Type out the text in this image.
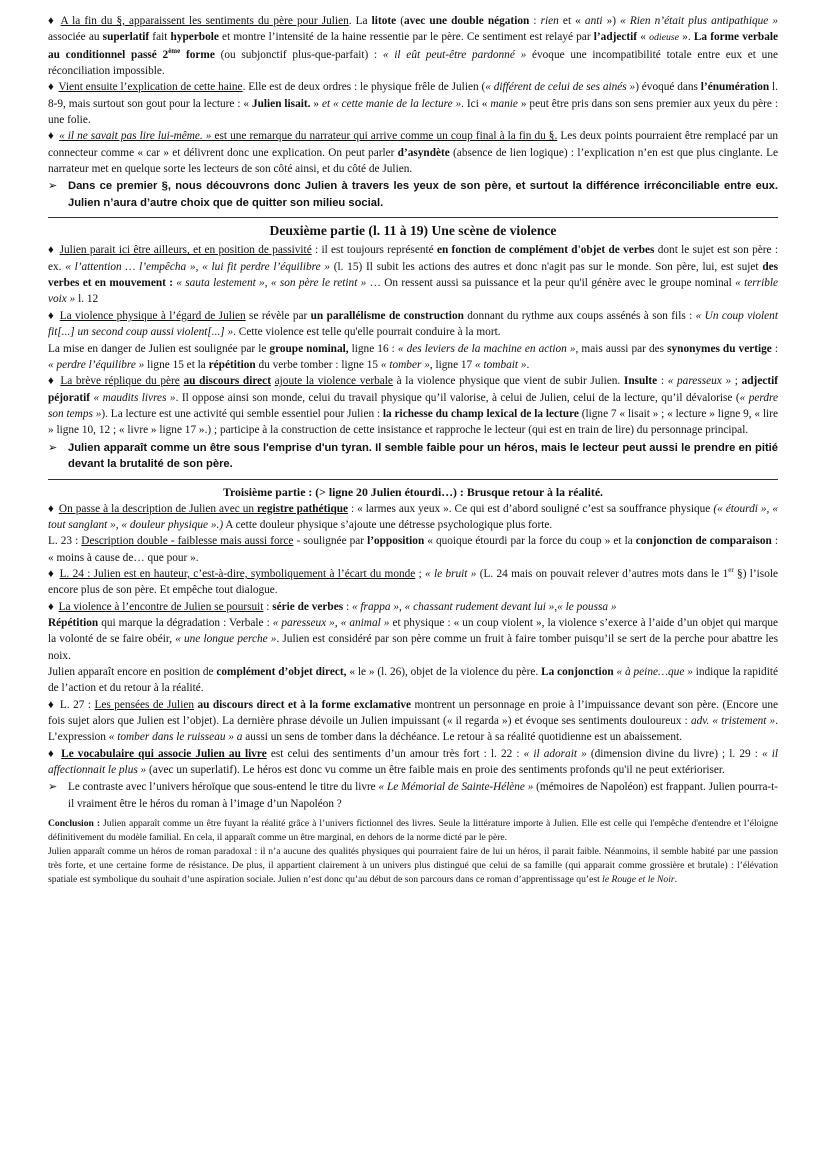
♦ A la fin du §, apparaissent les sentiments du père pour Julien. La litote (avec une double négation : rien et « anti ») « Rien n’était plus antipathique » associée au superlatif fait hyperbole et montre l’intensité de la haine ressentie par le père. Ce sentiment est relayé par l’adjectif « odieuse ». La forme verbale au conditionnel passé 2ème forme (ou subjonctif plus-que-parfait) : « il eût peut-être pardonné » évoque une incompatibilité totale entre eux et une réconciliation impossible.

♦ Vient ensuite l’explication de cette haine. Elle est de deux ordres : le physique frêle de Julien (« différent de celui de ses ainés ») évoqué dans l’énumération l. 8-9, mais surtout son gout pour la lecture : « Julien lisait. » et « cette manie de la lecture ». Ici « manie » peut être pris dans son sens premier aux yeux du père : une folie.

♦ « il ne savait pas lire lui-même. » est une remarque du narrateur qui arrive comme un coup final à la fin du §. Les deux points pourraient être remplacé par un connecteur comme « car » et délivrent donc une explication. On peut parler d’asyndète (absence de lien logique) : l’explication n’en est que plus cinglante. Le narrateur met en quelque sorte les lecteurs de son côté ainsi, et du côté de Julien.

➢ Dans ce premier §, nous découvrons donc Julien à travers les yeux de son père, et surtout la différence irréconciliable entre eux. Julien n’aura d’autre choix que de quitter son milieu social.
Deuxième partie (l. 11 à 19) Une scène de violence

♦ Julien parait ici être ailleurs, et en position de passivité : il est toujours représenté en fonction de complément d'objet de verbes dont le sujet est son père : ex. « l’attention … l’empêcha », « lui fit perdre l’équilibre » (l. 15) Il subit les actions des autres et donc n'agit pas sur le monde. Son père, lui, est sujet des verbes et en mouvement : « sauta lestement », « son père le retint » … On ressent aussi sa puissance et la peur qu'il génère avec le groupe nominal « terrible voix » l. 12

♦ La violence physique à l’égard de Julien se révèle par un parallélisme de construction donnant du rythme aux coups assénés à son fils : « Un coup violent fit[...] un second coup aussi violent[...] ». Cette violence est telle qu'elle pourrait conduire à la mort.

La mise en danger de Julien est soulignée par le groupe nominal, ligne 16 : « des leviers de la machine en action », mais aussi par des synonymes du vertige : « perdre l’équilibre » ligne 15 et la répétition du verbe tomber : ligne 15 « tomber », ligne 17 « tombait ».

♦ La brève réplique du père au discours direct ajoute la violence verbale à la violence physique que vient de subir Julien. Insulte : « paresseux » ; adjectif péjoratif « maudits livres ». Il oppose ainsi son monde, celui du travail physique qu’il valorise, à celui de Julien, celui de la lecture, qu’il dévalorise (« perdre son temps »). La lecture est une activité qui semble essentiel pour Julien : la richesse du champ lexical de la lecture (ligne 7 « lisait » ; « lecture » ligne 9, « lire » ligne 10, 12 ; « livre » ligne 17 ».) ; participe à la construction de cette insistance et rapproche le lecteur (qui est en train de lire) du personnage principal.

➢ Julien apparaît comme un être sous l'emprise d'un tyran. Il semble faible pour un héros, mais le lecteur peut aussi le prendre en pitié devant la brutalité de son père.
Troisième partie : (> ligne 20 Julien étourdi…) : Brusque retour à la réalité.

♦ On passe à la description de Julien avec un registre pathétique : « larmes aux yeux ». Ce qui est d’abord souligné c’est sa souffrance physique (« étourdi », « tout sanglant », « douleur physique ».) A cette douleur physique s’ajoute une détresse psychologique plus forte.

L. 23 : Description double - faiblesse mais aussi force - soulignée par l’opposition « quoique étourdi par la force du coup » et la conjonction de comparaison : « moins à cause de… que pour ».

♦ L. 24 : Julien est en hauteur, c’est-à-dire, symboliquement à l’écart du monde ; « le bruit » (L. 24 mais on pouvait relever d’autres mots dans le 1er §) l’isole encore plus de son père. Et empêche tout dialogue.

♦ La violence à l’encontre de Julien se poursuit : série de verbes : « frappa », « chassant rudement devant lui »,« le poussa »

Répétition qui marque la dégradation : Verbale : « paresseux », « animal » et physique : « un coup violent », la violence s’exerce à l’aide d’un objet qui marque la volonté de se faire obéir, « une longue perche ». Julien est considéré par son père comme un fruit à faire tomber puisqu’il se sert de la perche pour abattre les noix.

Julien apparaît encore en position de complément d’objet direct, « le » (l. 26), objet de la violence du père. La conjonction « à peine…que » indique la rapidité de l’action et du retour à la réalité.

♦ L. 27 : Les pensées de Julien au discours direct et à la forme exclamative montrent un personnage en proie à l’impuissance devant son père. (Encore une fois sujet alors que Julien est l’objet). La dernière phrase dévoile un Julien impuissant (« il regarda ») et évoque ses sentiments douloureux : adv. « tristement ». L’expression « tomber dans le ruisseau » a aussi un sens de tomber dans la déchéance. Le retour à sa réalité quotidienne est un abaissement.

♦ Le vocabulaire qui associe Julien au livre est celui des sentiments d’un amour très fort : l. 22 : « il adorait » (dimension divine du livre) ; l. 29 : « il affectionnait le plus » (avec un superlatif). Le héros est donc vu comme un être faible mais en proie des sentiments profonds qu'il ne peut extérioriser.

➢ Le contraste avec l’univers héroïque que sous-entend le titre du livre « Le Mémorial de Sainte-Hélène » (mémoires de Napoléon) est frappant. Julien pourra-t-il vraiment être le héros du roman à l’image d’un Napoléon ?

Conclusion : Julien apparaît comme un être fuyant la réalité grâce à l’univers fictionnel des livres. Seule la littérature importe à Julien. Elle est celle qui l'empêche d'entendre et l’éloigne définitivement du modèle familial. En cela, il apparaît comme un être marginal, en dehors de la norme dicté par le père.

Julien apparaît comme un héros de roman paradoxal : il n’a aucune des qualités physiques qui pourraient faire de lui un héros, il parait faible. Néanmoins, il semble habité par une passion très forte, et une certaine forme de résistance. De plus, il appartient clairement à un univers plus distingué que celui de sa famille (qui apparait comme grossière et brutale) : l’élévation spatiale est symbolique du souhait d’une aspiration sociale. Julien n’est donc qu’au début de son parcours dans ce roman d’apprentissage qu’est le Rouge et le Noir.
